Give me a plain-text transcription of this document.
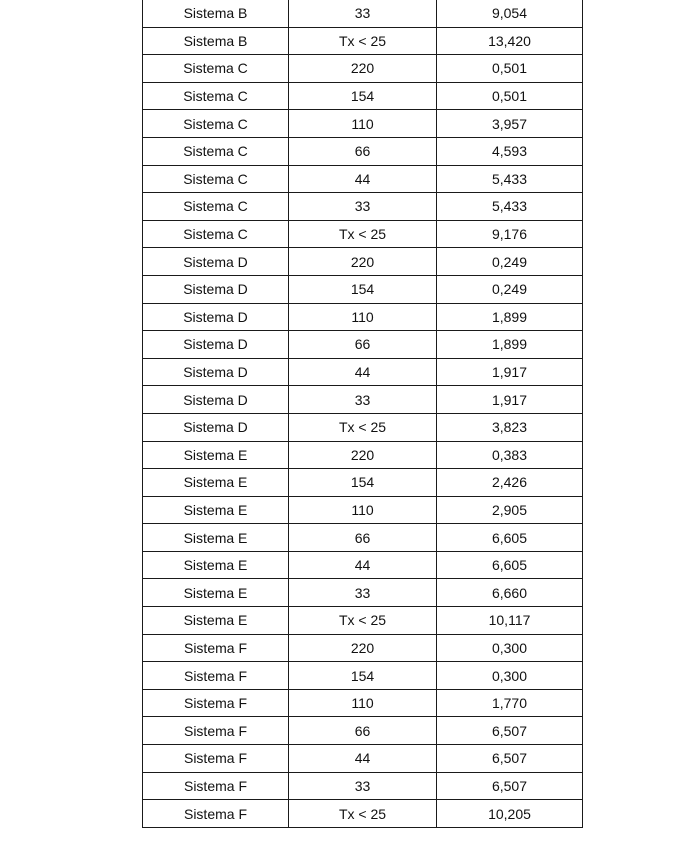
Sistema B	33	9,054
Sistema B	Tx < 25	13,420
Sistema C	220	0,501
Sistema C	154	0,501
Sistema C	110	3,957
Sistema C	66	4,593
Sistema C	44	5,433
Sistema C	33	5,433
Sistema C	Tx < 25	9,176
Sistema D	220	0,249
Sistema D	154	0,249
Sistema D	110	1,899
Sistema D	66	1,899
Sistema D	44	1,917
Sistema D	33	1,917
Sistema D	Tx < 25	3,823
Sistema E	220	0,383
Sistema E	154	2,426
Sistema E	110	2,905
Sistema E	66	6,605
Sistema E	44	6,605
Sistema E	33	6,660
Sistema E	Tx < 25	10,117
Sistema F	220	0,300
Sistema F	154	0,300
Sistema F	110	1,770
Sistema F	66	6,507
Sistema F	44	6,507
Sistema F	33	6,507
Sistema F	Tx < 25	10,205
